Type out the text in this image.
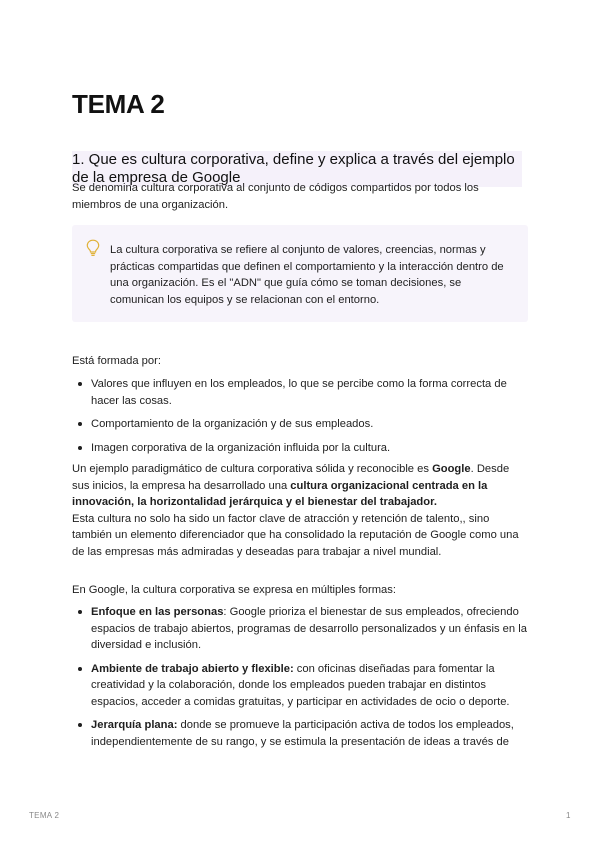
TEMA 2
1. Que es cultura corporativa, define y explica a través del ejemplo de la empresa de Google

Se denomina cultura corporativa al conjunto de códigos compartidos por todos los miembros de una organización.

La cultura corporativa se refiere al conjunto de valores, creencias, normas y prácticas compartidas que definen el comportamiento y la interacción dentro de una organización. Es el "ADN" que guía cómo se toman decisiones, se comunican los equipos y se relacionan con el entorno.

Está formada por:

Valores que influyen en los empleados, lo que se percibe como la forma correcta de hacer las cosas.
Comportamiento de la organización y de sus empleados.
Imagen corporativa de la organización influida por la cultura.

Un ejemplo paradigmático de cultura corporativa sólida y reconocible es Google. Desde sus inicios, la empresa ha desarrollado una cultura organizacional centrada en la innovación, la horizontalidad jerárquica y el bienestar del trabajador.
Esta cultura no solo ha sido un factor clave de atracción y retención de talento,, sino también un elemento diferenciador que ha consolidado la reputación de Google como una de las empresas más admiradas y deseadas para trabajar a nivel mundial.

En Google, la cultura corporativa se expresa en múltiples formas:

Enfoque en las personas: Google prioriza el bienestar de sus empleados, ofreciendo espacios de trabajo abiertos, programas de desarrollo personalizados y un énfasis en la diversidad e inclusión.
Ambiente de trabajo abierto y flexible: con oficinas diseñadas para fomentar la creatividad y la colaboración, donde los empleados pueden trabajar en distintos espacios, acceder a comidas gratuitas, y participar en actividades de ocio o deporte.
Jerarquía plana: donde se promueve la participación activa de todos los empleados, independientemente de su rango, y se estimula la presentación de ideas a través de
TEMA 2	1
